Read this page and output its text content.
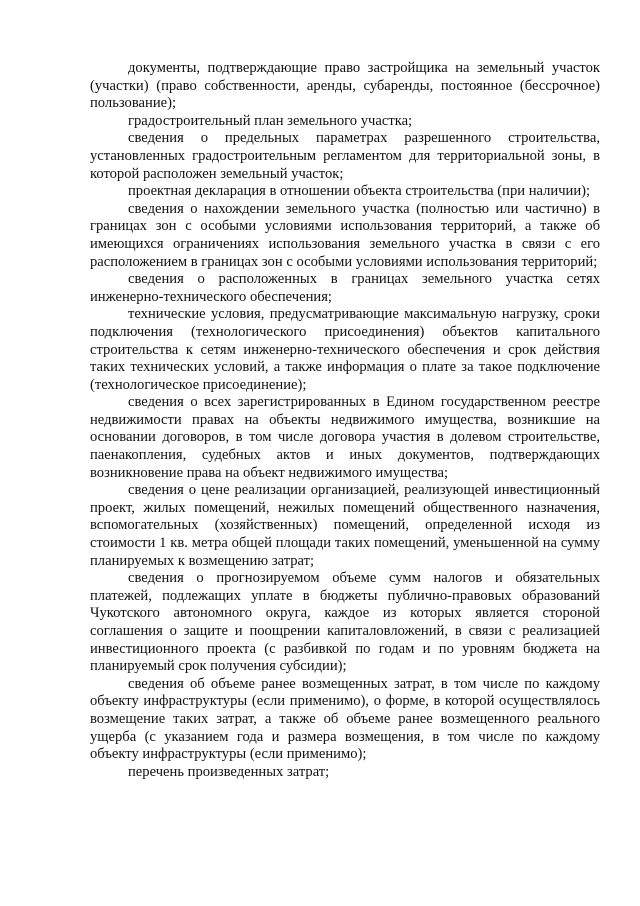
документы, подтверждающие право застройщика на земельный участок (участки) (право собственности, аренды, субаренды, постоянное (бессрочное) пользование);

градостроительный план земельного участка;

сведения о предельных параметрах разрешенного строительства, установленных градостроительным регламентом для территориальной зоны, в которой расположен земельный участок;

проектная декларация в отношении объекта строительства (при наличии);

сведения о нахождении земельного участка (полностью или частично) в границах зон с особыми условиями использования территорий, а также об имеющихся ограничениях использования земельного участка в связи с его расположением в границах зон с особыми условиями использования территорий;

сведения о расположенных в границах земельного участка сетях инженерно-технического обеспечения;

технические условия, предусматривающие максимальную нагрузку, сроки подключения (технологического присоединения) объектов капитального строительства к сетям инженерно-технического обеспечения и срок действия таких технических условий, а также информация о плате за такое подключение (технологическое присоединение);

сведения о всех зарегистрированных в Едином государственном реестре недвижимости правах на объекты недвижимого имущества, возникшие на основании договоров, в том числе договора участия в долевом строительстве, паенакопления, судебных актов и иных документов, подтверждающих возникновение права на объект недвижимого имущества;

сведения о цене реализации организацией, реализующей инвестиционный проект, жилых помещений, нежилых помещений общественного назначения, вспомогательных (хозяйственных) помещений, определенной исходя из стоимости 1 кв. метра общей площади таких помещений, уменьшенной на сумму планируемых к возмещению затрат;

сведения о прогнозируемом объеме сумм налогов и обязательных платежей, подлежащих уплате в бюджеты публично-правовых образований Чукотского автономного округа, каждое из которых является стороной соглашения о защите и поощрении капиталовложений, в связи с реализацией инвестиционного проекта (с разбивкой по годам и по уровням бюджета на планируемый срок получения субсидии);

сведения об объеме ранее возмещенных затрат, в том числе по каждому объекту инфраструктуры (если применимо), о форме, в которой осуществлялось возмещение таких затрат, а также об объеме ранее возмещенного реального ущерба (с указанием года и размера возмещения, в том числе по каждому объекту инфраструктуры (если применимо);

перечень произведенных затрат;
